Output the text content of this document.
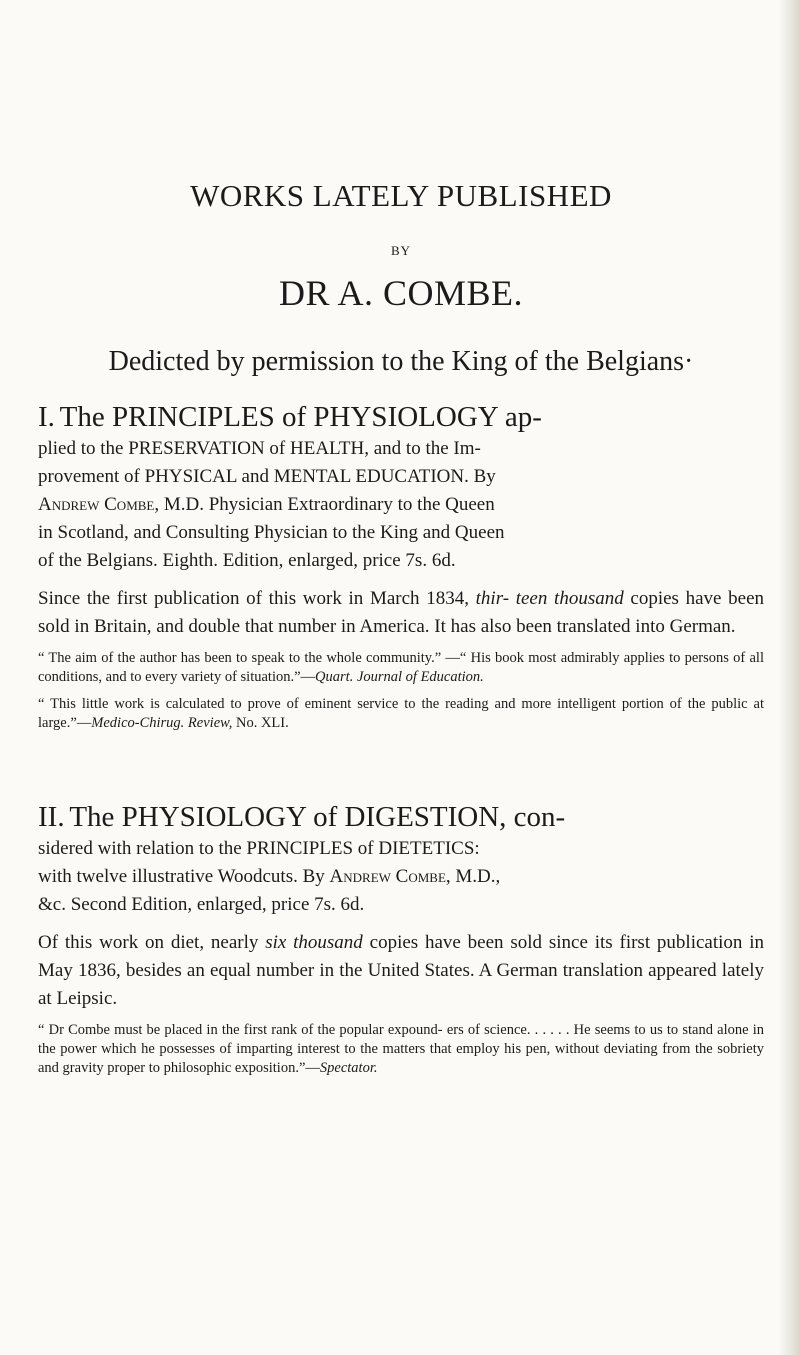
WORKS LATELY PUBLISHED
BY
DR A. COMBE.
Dedicted by permission to the King of the Belgians·

I. The PRINCIPLES of PHYSIOLOGY ap-
plied to the PRESERVATION of HEALTH, and to the Im-
provement of PHYSICAL and MENTAL EDUCATION. By
Andrew Combe, M.D. Physician Extraordinary to the Queen
in Scotland, and Consulting Physician to the King and Queen
of the Belgians. Eighth. Edition, enlarged, price 7s. 6d.

Since the first publication of this work in March 1834, thir- teen thousand copies have been sold in Britain, and double that number in America. It has also been translated into German.

“ The aim of the author has been to speak to the whole community.” —“ His book most admirably applies to persons of all conditions, and to every variety of situation.”—Quart. Journal of Education.

“ This little work is calculated to prove of eminent service to the reading and more intelligent portion of the public at large.”—Medico-Chirug. Review, No. XLI.

II. The PHYSIOLOGY of DIGESTION, con-
sidered with relation to the PRINCIPLES of DIETETICS:
with twelve illustrative Woodcuts. By Andrew Combe, M.D.,
&c. Second Edition, enlarged, price 7s. 6d.

Of this work on diet, nearly six thousand copies have been sold since its first publication in May 1836, besides an equal number in the United States. A German translation appeared lately at Leipsic.

“ Dr Combe must be placed in the first rank of the popular expound- ers of science. . . . . . He seems to us to stand alone in the power which he possesses of imparting interest to the matters that employ his pen, without deviating from the sobriety and gravity proper to philosophic exposition.”—Spectator.
